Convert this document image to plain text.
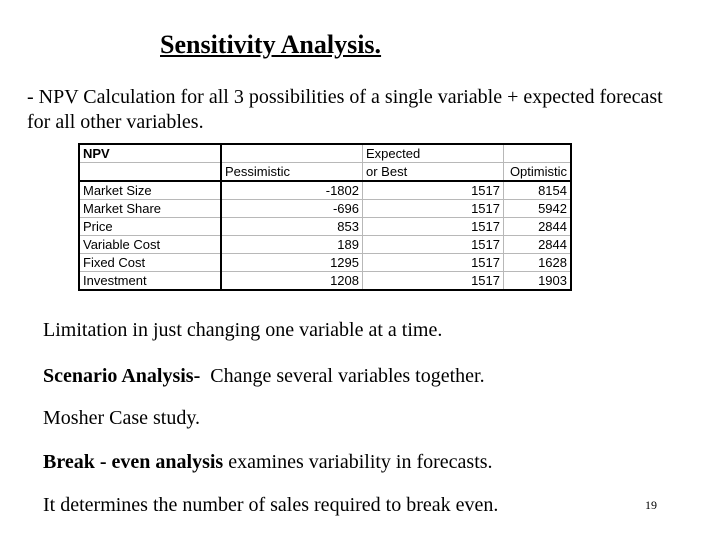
Sensitivity Analysis.
- NPV Calculation for all 3 possibilities of a single variable + expected forecast for all other variables.
NPV		Expected	
	Pessimistic	or Best	Optimistic
Market Size	-1802	1517	8154
Market Share	-696	1517	5942
Price	853	1517	2844
Variable Cost	189	1517	2844
Fixed Cost	1295	1517	1628
Investment	1208	1517	1903
Limitation in just changing one variable at a time.
Scenario Analysis-  Change several variables together.
Mosher Case study.
Break - even analysis examines variability in forecasts.
It determines the number of sales required to break even.	19
